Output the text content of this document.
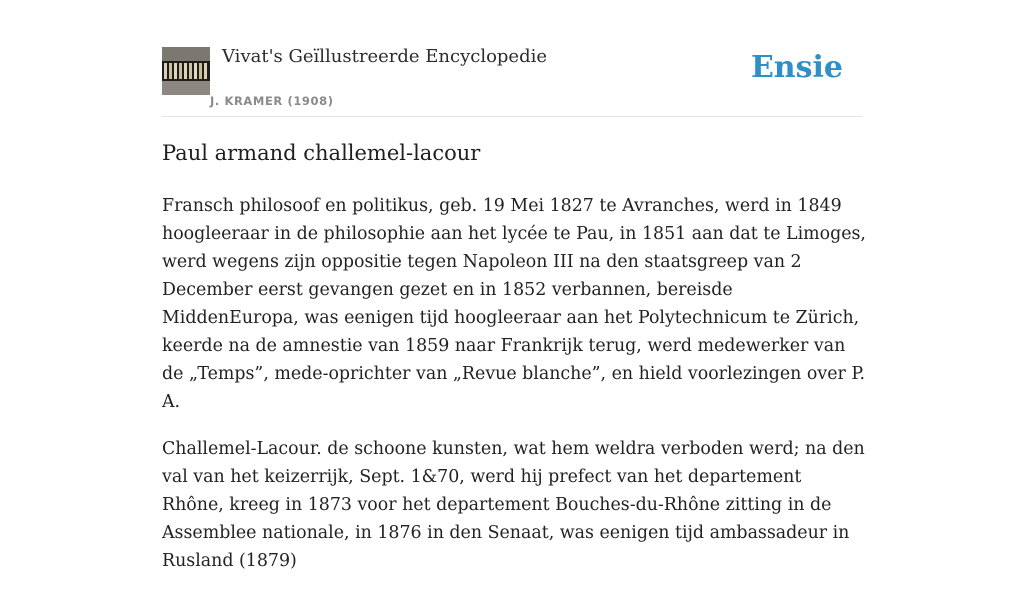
Vivat's Geïllustreerde Encyclopedie
J. KRAMER (1908)
Ensie
Paul armand challemel-lacour

Fransch philosoof en politikus, geb. 19 Mei 1827 te Avranches, werd in 1849 hoogleeraar in de philosophie aan het lycée te Pau, in 1851 aan dat te Limoges, werd wegens zijn oppositie tegen Napoleon III na den staatsgreep van 2 December eerst gevangen gezet en in 1852 verbannen, bereisde MiddenEuropa, was eenigen tijd hoogleeraar aan het Polytechnicum te Zürich, keerde na de amnestie van 1859 naar Frankrijk terug, werd medewerker van de „Temps”, mede-oprichter van „Revue blanche”, en hield voorlezingen over P. A.

Challemel-Lacour. de schoone kunsten, wat hem weldra verboden werd; na den val van het keizerrijk, Sept. 1&70, werd hij prefect van het departement Rhône, kreeg in 1873 voor het departement Bouches-du-Rhône zitting in de Assemblee nationale, in 1876 in den Senaat, was eenigen tijd ambassadeur in Rusland (1879)
